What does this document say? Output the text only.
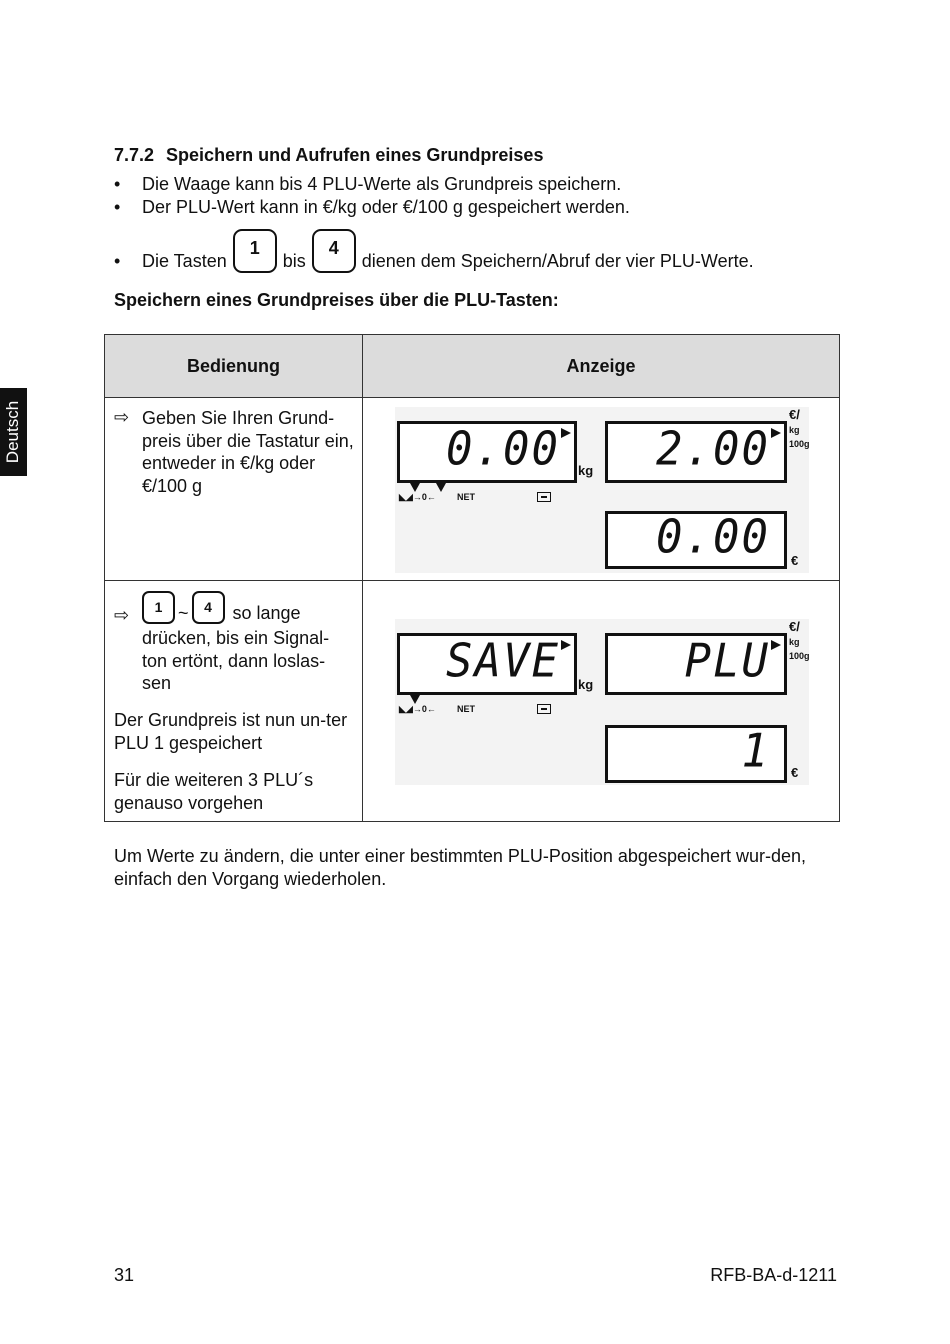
Deutsch
7.7.2 Speichern und Aufrufen eines Grundpreises
• Die Waage kann bis 4 PLU-Werte als Grundpreis speichern.
• Der PLU-Wert kann in €/kg oder €/100 g gespeichert werden.
• Die Tasten
1
bis
4
dienen dem Speichern/Abruf der vier PLU-Werte.
Speichern eines Grundpreises über die PLU-Tasten:
Bedienung	Anzeige
⇨ Geben Sie Ihren Grund-preis über die Tastatur ein, entweder in €/kg oder €/100 g
0.00 kg
◣◢→0← NET
2.00
€/
kg
100g
0.00 €
⇨	1 ~	4	so lange
drücken, bis ein Signal-ton ertönt, dann loslas-sen
Der Grundpreis ist nun un-ter PLU 1 gespeichert
Für die weiteren 3 PLU´s genauso vorgehen
SAVE kg
◣◢→0← NET
PLU
€/
kg
100g
1 €
Um Werte zu ändern, die unter einer bestimmten PLU-Position abgespeichert wur-den, einfach den Vorgang wiederholen.
31	RFB-BA-d-1211
